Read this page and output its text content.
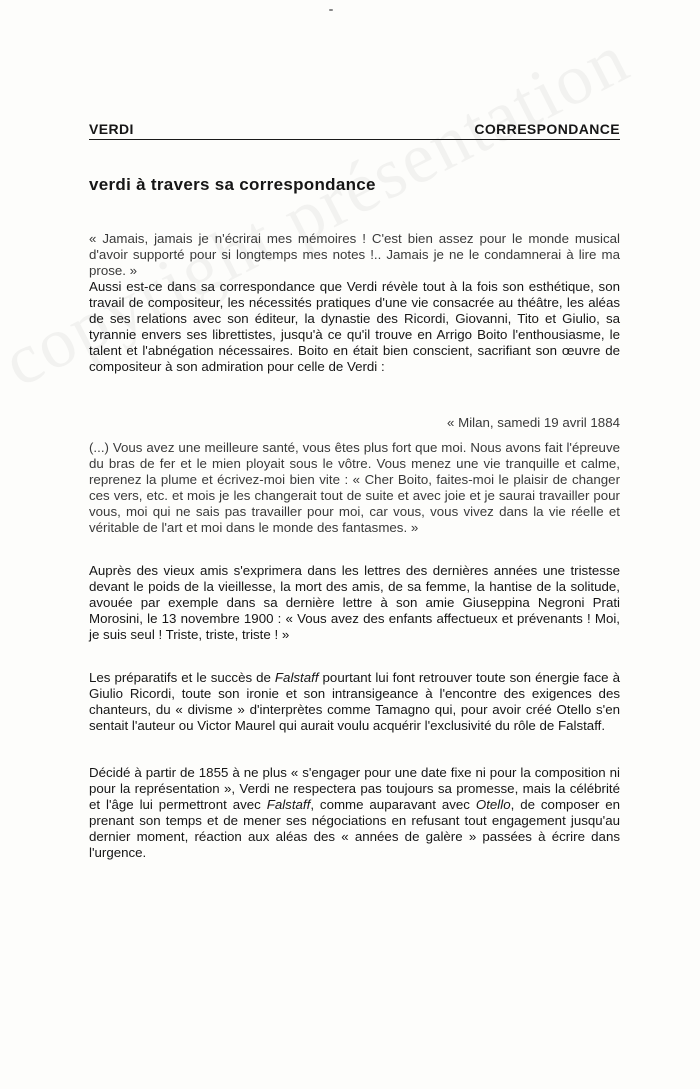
VERDI	CORRESPONDANCE
verdi à travers sa correspondance
« Jamais, jamais je n'écrirai mes mémoires ! C'est bien assez pour le monde musical d'avoir supporté pour si longtemps mes notes !.. Jamais je ne le condamnerai à lire ma prose. »
Aussi est-ce dans sa correspondance que Verdi révèle tout à la fois son esthétique, son travail de compositeur, les nécessités pratiques d'une vie consacrée au théâtre, les aléas de ses relations avec son éditeur, la dynastie des Ricordi, Giovanni, Tito et Giulio, sa tyrannie envers ses librettistes, jusqu'à ce qu'il trouve en Arrigo Boito l'enthousiasme, le talent et l'abnégation nécessaires. Boito en était bien conscient, sacrifiant son œuvre de compositeur à son admiration pour celle de Verdi :
« Milan, samedi 19 avril 1884
(...) Vous avez une meilleure santé, vous êtes plus fort que moi. Nous avons fait l'épreuve du bras de fer et le mien ployait sous le vôtre. Vous menez une vie tranquille et calme, reprenez la plume et écrivez-moi bien vite : « Cher Boito, faites-moi le plaisir de changer ces vers, etc. et mois je les changerait tout de suite et avec joie et je saurai travailler pour vous, moi qui ne sais pas travailler pour moi, car vous, vous vivez dans la vie réelle et véritable de l'art et moi dans le monde des fantasmes. »
Auprès des vieux amis s'exprimera dans les lettres des dernières années une tristesse devant le poids de la vieillesse, la mort des amis, de sa femme, la hantise de la solitude, avouée par exemple dans sa dernière lettre à son amie Giuseppina Negroni Prati Morosini, le 13 novembre 1900 : « Vous avez des enfants affectueux et prévenants ! Moi, je suis seul ! Triste, triste, triste ! »
Les préparatifs et le succès de Falstaff pourtant lui font retrouver toute son énergie face à Giulio Ricordi, toute son ironie et son intransigeance à l'encontre des exigences des chanteurs, du « divisme » d'interprètes comme Tamagno qui, pour avoir créé Otello s'en sentait l'auteur ou Victor Maurel qui aurait voulu acquérir l'exclusivité du rôle de Falstaff.
Décidé à partir de 1855 à ne plus « s'engager pour une date fixe ni pour la composition ni pour la représentation », Verdi ne respectera pas toujours sa promesse, mais la célébrité et l'âge lui permettront avec Falstaff, comme auparavant avec Otello, de composer en prenant son temps et de mener ses négociations en refusant tout engagement jusqu'au dernier moment, réaction aux aléas des « années de galère » passées à écrire dans l'urgence.
